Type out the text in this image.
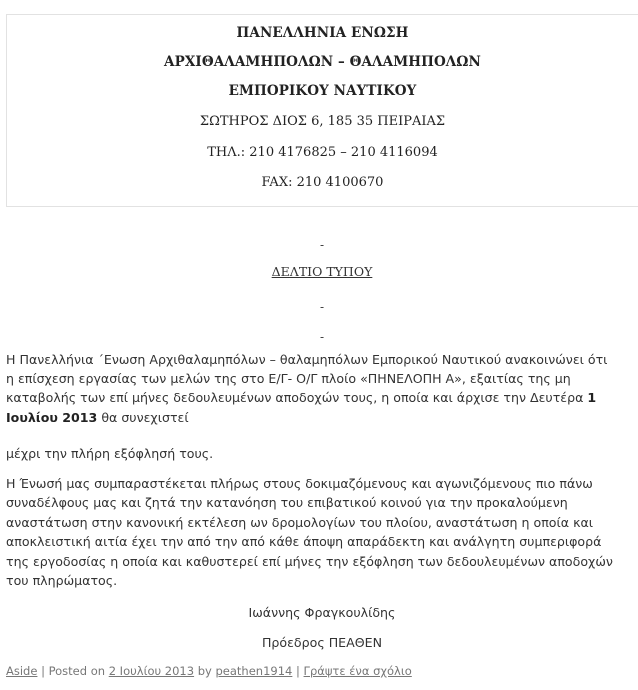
ΠΑΝΕΛΛΗΝΙΑ ΕΝΩΣΗ
ΑΡΧΙΘΑΛΑΜΗΠΟΛΩΝ – ΘΑΛΑΜΗΠΟΛΩΝ
ΕΜΠΟΡΙΚΟΥ ΝΑΥΤΙΚΟΥ
ΣΩΤΗΡΟΣ ΔΙΟΣ 6, 185 35 ΠΕΙΡΑΙΑΣ
ΤΗΛ.: 210 4176825 – 210 4116094
FAX: 210 4100670
-
ΔΕΛΤΙΟ ΤΥΠΟΥ
-
-
Η Πανελλήνια ΄Ενωση Αρχιθαλαμηπόλων – θαλαμηπόλων Εμπορικού Ναυτικού ανακοινώνει ότι
η επίσχεση εργασίας των μελών της στο Ε/Γ- Ο/Γ πλοίο «ΠΗΝΕΛΟΠΗ Α», εξαιτίας της μη
καταβολής των επί μήνες δεδουλευμένων αποδοχών τους, η οποία και άρχισε την Δευτέρα 1
Ιουλίου 2013 θα συνεχιστεί
μέχρι την πλήρη εξόφλησή τους.
Η Ένωσή μας συμπαραστέκεται πλήρως στους δοκιμαζόμενους και αγωνιζόμενους πιο πάνω
συναδέλφους μας και ζητά την κατανόηση του επιβατικού κοινού για την προκαλούμενη
αναστάτωση στην κανονική εκτέλεση ων δρομολογίων του πλοίου, αναστάτωση η οποία και
αποκλειστική αιτία έχει την από την από κάθε άποψη απαράδεκτη και ανάλγητη συμπεριφορά
της εργοδοσίας η οποία και καθυστερεί επί μήνες την εξόφληση των δεδουλευμένων αποδοχών
του πληρώματος.
Ιωάννης Φραγκουλίδης
Πρόεδρος ΠΕΑΘΕΝ
Aside | Posted on 2 Ιουλίου 2013 by peathen1914 | Γράψτε ένα σχόλιο
